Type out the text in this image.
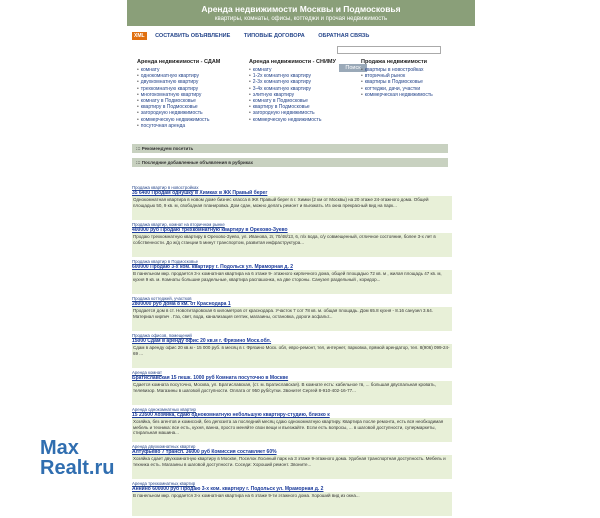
Аренда недвижимости Москвы и Подмосковья
квартиры, комнаты, офисы, коттеджи и прочая недвижимость
XML СОСТАВИТЬ ОБЪЯВЛЕНИЕ ТИПОВЫЕ ДОГОВОРА ОБРАТНАЯ СВЯЗЬ
Поиск
Аренда недвижимости - СДАМ
• комнату
• однокомнатную квартиру
• двухкомнатную квартиру
• трехкомнатную квартиру
• многокомнатную квартиру
• комнату в Подмосковье
• квартиру в Подмосковье
• загородную недвижимость
• коммерческую недвижимость
• посуточная аренда
Аренда недвижимости - СНИМУ
• комнату
• 1-2х комнатную квартиру
• 2-3х комнатную квартиру
• 3-4х комнатную квартиру
• элитную квартиру
• комнату в Подмосковье
• квартиру в Подмосковье
• загородную недвижимость
• коммерческую недвижимость
Продажа недвижимости
• квартиры в новостройках
• вторичный рынок
• квартиры в Подмосковье
• коттеджи, дачи, участки
• коммерческая недвижимость
::: Рекомендуем посетить
::: Последние добавленные объявления в рубриках
Продажа квартир в новостройках
35 6400 Продам однушку в Химках в ЖК Правый берег
Однокомнатная квартира в новом доме бизнес класса в ЖК Правый берег в г. Химки (2 км от Москвы) на 20 этаже 24-этажного дома. Общей площадью 50, 9 кв. м, свободная планировка. Дом сдан, можно делать ремонт и въезжать. Из окна прекрасный вид на парк...
Продажа квартир, комнат на вторичном рынке
400000 руб Продаю трехкомнатную квартиру в Орехово-Зуево
Продаю трехкомнатную квартиру в Орехово-Зуево, ул. Иванова, 2г, 70/48/13, 6, п/х вода, с/у совмещенный, отличное состояние, более 3-х лет в собственности. До ж/д станции 5 минут транспортом, развитая инфраструктура...
Продажа квартир в Подмосковье
600000 Продаю 3-х ком. квартиру г. Подольск ул. Мраморная д. 2
В панельном мкр. продается 3-х комнатная квартира на 6 этаже 9- этажного кирпичного дома, общей площадью 72 кв. м , жилая площадь 47 кв. м, кухня 9 кв. м. Комнаты большие раздельные, квартира распашонка, на две стороны. Санузел раздельный , коридор...
Продажа коттеджей, участков
2800000 руб дома 8 км. от Краснодара 1
Продается дом в ст. Новотитаровская 6 километров от краснодара. Участок 7 сот 78 кв. м. общая площадь. Дом 65.8 кухня - 8.16 санузел 3.64. Материал кирпич . Газ, свет, вода, канализация септик, магазины, остановка, дороги асфальт...
Продажа офисов, помещений
15000 Сдам в аренду офис 20 кв.м г. Фрязино Моск.обл.
Сдам в аренду офис 20 кв.м - 15 000 руб. в месяц в г. Фрязино Моск. обл, евро-ремонт, тел, интернет, парковка, прямой арендатор, тел. 8(906) 099-24-69 ...
Аренда комнат
Братиславская 15 пешк. 1000 руб Комната посуточно в Москве
Сдается комната посуточно, Москва, ул. Братиславская, (ст. м. Братиславская). В комнате есть: кабельное тв, ... большая двуспальная кровать, телевизор. Магазины в шаговой доступности. Оплата от 950 руб/сутки. Звоните! Сергей 8-910-402-16-77...
Аренда однокомнатных квартир
15 23500 Хозяйка, сдаю однокомнатную небольшую квартиру-студию, близко к
Хозяйка, без агентов и комиссий, без депозита за последний месяц сдаю однокомнатную квартиру. Квартира после ремонта, есть вся необходимая мебель и техника: все есть, кухня, ванна, просто меняйте свои вещи и въезжайте. Если есть вопросы, ... в шаговой доступности, супермаркеты, стиральная машина...
Аренда двухкомнатных квартир
Алтуфьево 7 трансп. 36000 руб Комиссия составляет 60%
Хозяйка сдает двухкомнатную квартиру в Москве, Поселок Лосиный парк на 3 этаже 9-этажного дома. Удобная транспортная доступность. Мебель и техника есть. Магазины в шаговой доступности. Соседи: Хороший ремонт. Звоните...
Аренда трехкомнатных квартир
Аннино 600000 руб Продаю 3-х ком. квартиру г. Подольск ул. Мраморная д. 2
В панельном мкр. продается 3-х комнатная квартира на 6 этаже 9-ти этажного дома. Хороший вид из окна...
Max
Realt.ru
